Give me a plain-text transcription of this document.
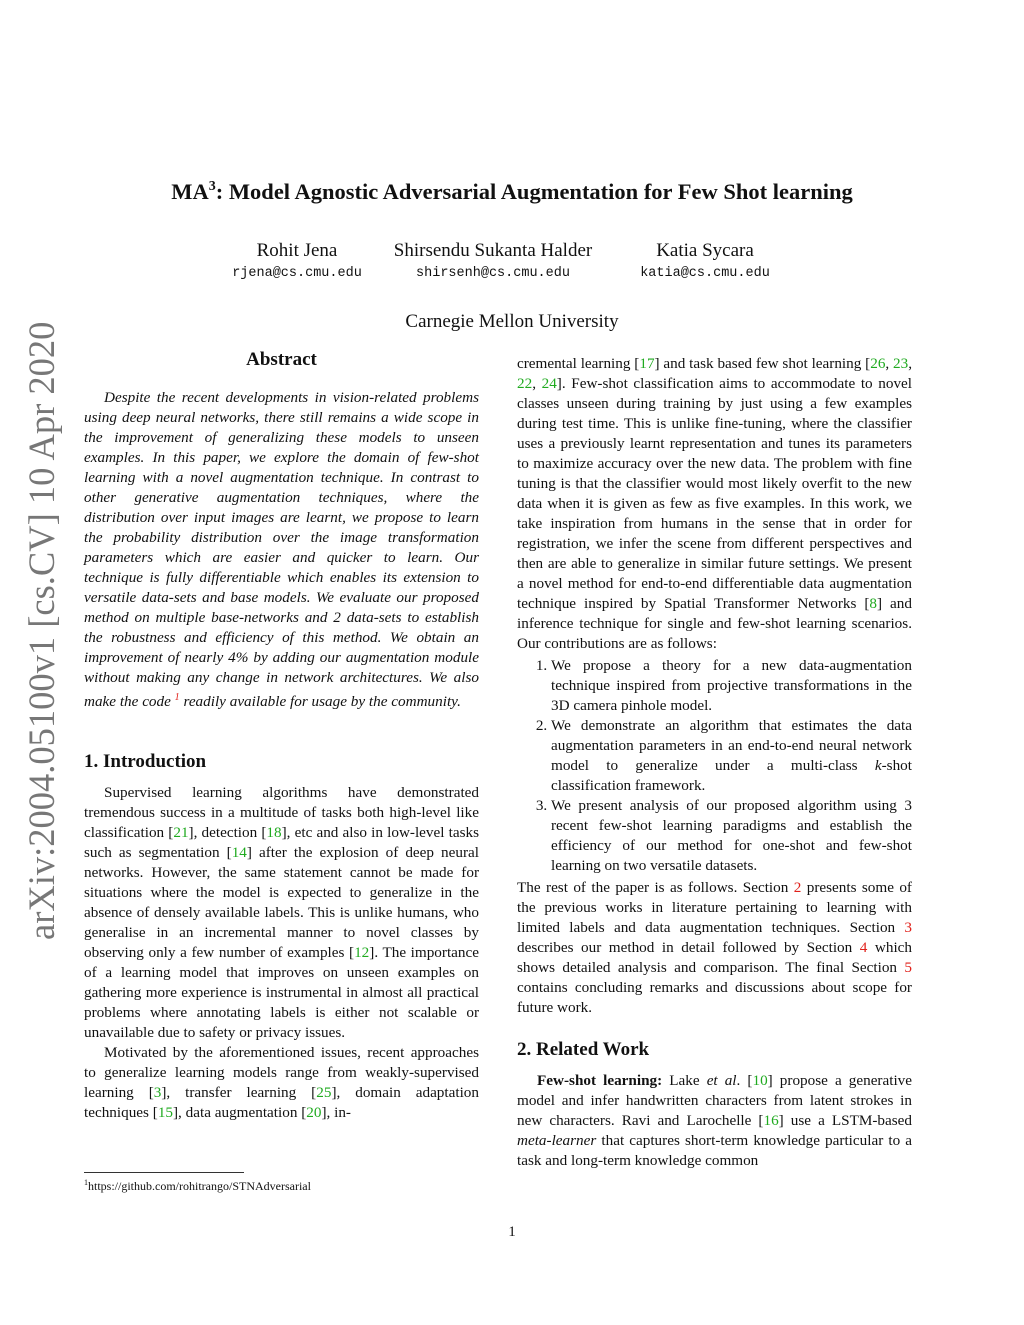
arXiv:2004.05100v1 [cs.CV] 10 Apr 2020
$MA^3$: Model Agnostic Adversarial Augmentation for Few Shot learning
Rohit Jena
rjena@cs.cmu.edu
Shirsendu Sukanta Halder
shirsenh@cs.cmu.edu
Katia Sycara
katia@cs.cmu.edu
Carnegie Mellon University
Abstract

Despite the recent developments in vision-related problems using deep neural networks, there still remains a wide scope in the improvement of generalizing these models to unseen examples. In this paper, we explore the domain of few-shot learning with a novel augmentation technique. In contrast to other generative augmentation techniques, where the distribution over input images are learnt, we propose to learn the probability distribution over the image transformation parameters which are easier and quicker to learn. Our technique is fully differentiable which enables its extension to versatile data-sets and base models. We evaluate our proposed method on multiple base-networks and 2 data-sets to establish the robustness and efficiency of this method. We obtain an improvement of nearly 4% by adding our augmentation module without making any change in network architectures. We also make the code $^1$ readily available for usage by the community.

1. Introduction

Supervised learning algorithms have demonstrated tremendous success in a multitude of tasks both high-level like classification [21], detection [18], etc and also in low-level tasks such as segmentation [14] after the explosion of deep neural networks. However, the same statement cannot be made for situations where the model is expected to generalize in the absence of densely available labels. This is unlike humans, who generalise in an incremental manner to novel classes by observing only a few number of examples [12]. The importance of a learning model that improves on unseen examples on gathering more experience is instrumental in almost all practical problems where annotating labels is either not scalable or unavailable due to safety or privacy issues.

Motivated by the aforementioned issues, recent approaches to generalize learning models range from weakly-supervised learning [3], transfer learning [25], domain adaptation techniques [15], data augmentation [20], in-

$^1$https://github.com/rohitrango/STNAdversarial

cremental learning [17] and task based few shot learning [26, 23, 22, 24]. Few-shot classification aims to accommodate to novel classes unseen during training by just using a few examples during test time. This is unlike fine-tuning, where the classifier uses a previously learnt representation and tunes its parameters to maximize accuracy over the new data. The problem with fine tuning is that the classifier would most likely overfit to the new data when it is given as few as five examples. In this work, we take inspiration from humans in the sense that in order for registration, we infer the scene from different perspectives and then are able to generalize in similar future settings. We present a novel method for end-to-end differentiable data augmentation technique inspired by Spatial Transformer Networks [8] and inference technique for single and few-shot learning scenarios. Our contributions are as follows:

1. We propose a theory for a new data-augmentation technique inspired from projective transformations in the 3D camera pinhole model.
2. We demonstrate an algorithm that estimates the data augmentation parameters in an end-to-end neural network model to generalize under a multi-class k-shot classification framework.
3. We present analysis of our proposed algorithm using 3 recent few-shot learning paradigms and establish the efficiency of our method for one-shot and few-shot learning on two versatile datasets.

The rest of the paper is as follows. Section 2 presents some of the previous works in literature pertaining to learning with limited labels and data augmentation techniques. Section 3 describes our method in detail followed by Section 4 which shows detailed analysis and comparison. The final Section 5 contains concluding remarks and discussions about scope for future work.

2. Related Work

Few-shot learning: Lake et al. [10] propose a generative model and infer handwritten characters from latent strokes in new characters. Ravi and Larochelle [16] use a LSTM-based meta-learner that captures short-term knowledge particular to a task and long-term knowledge common

1
